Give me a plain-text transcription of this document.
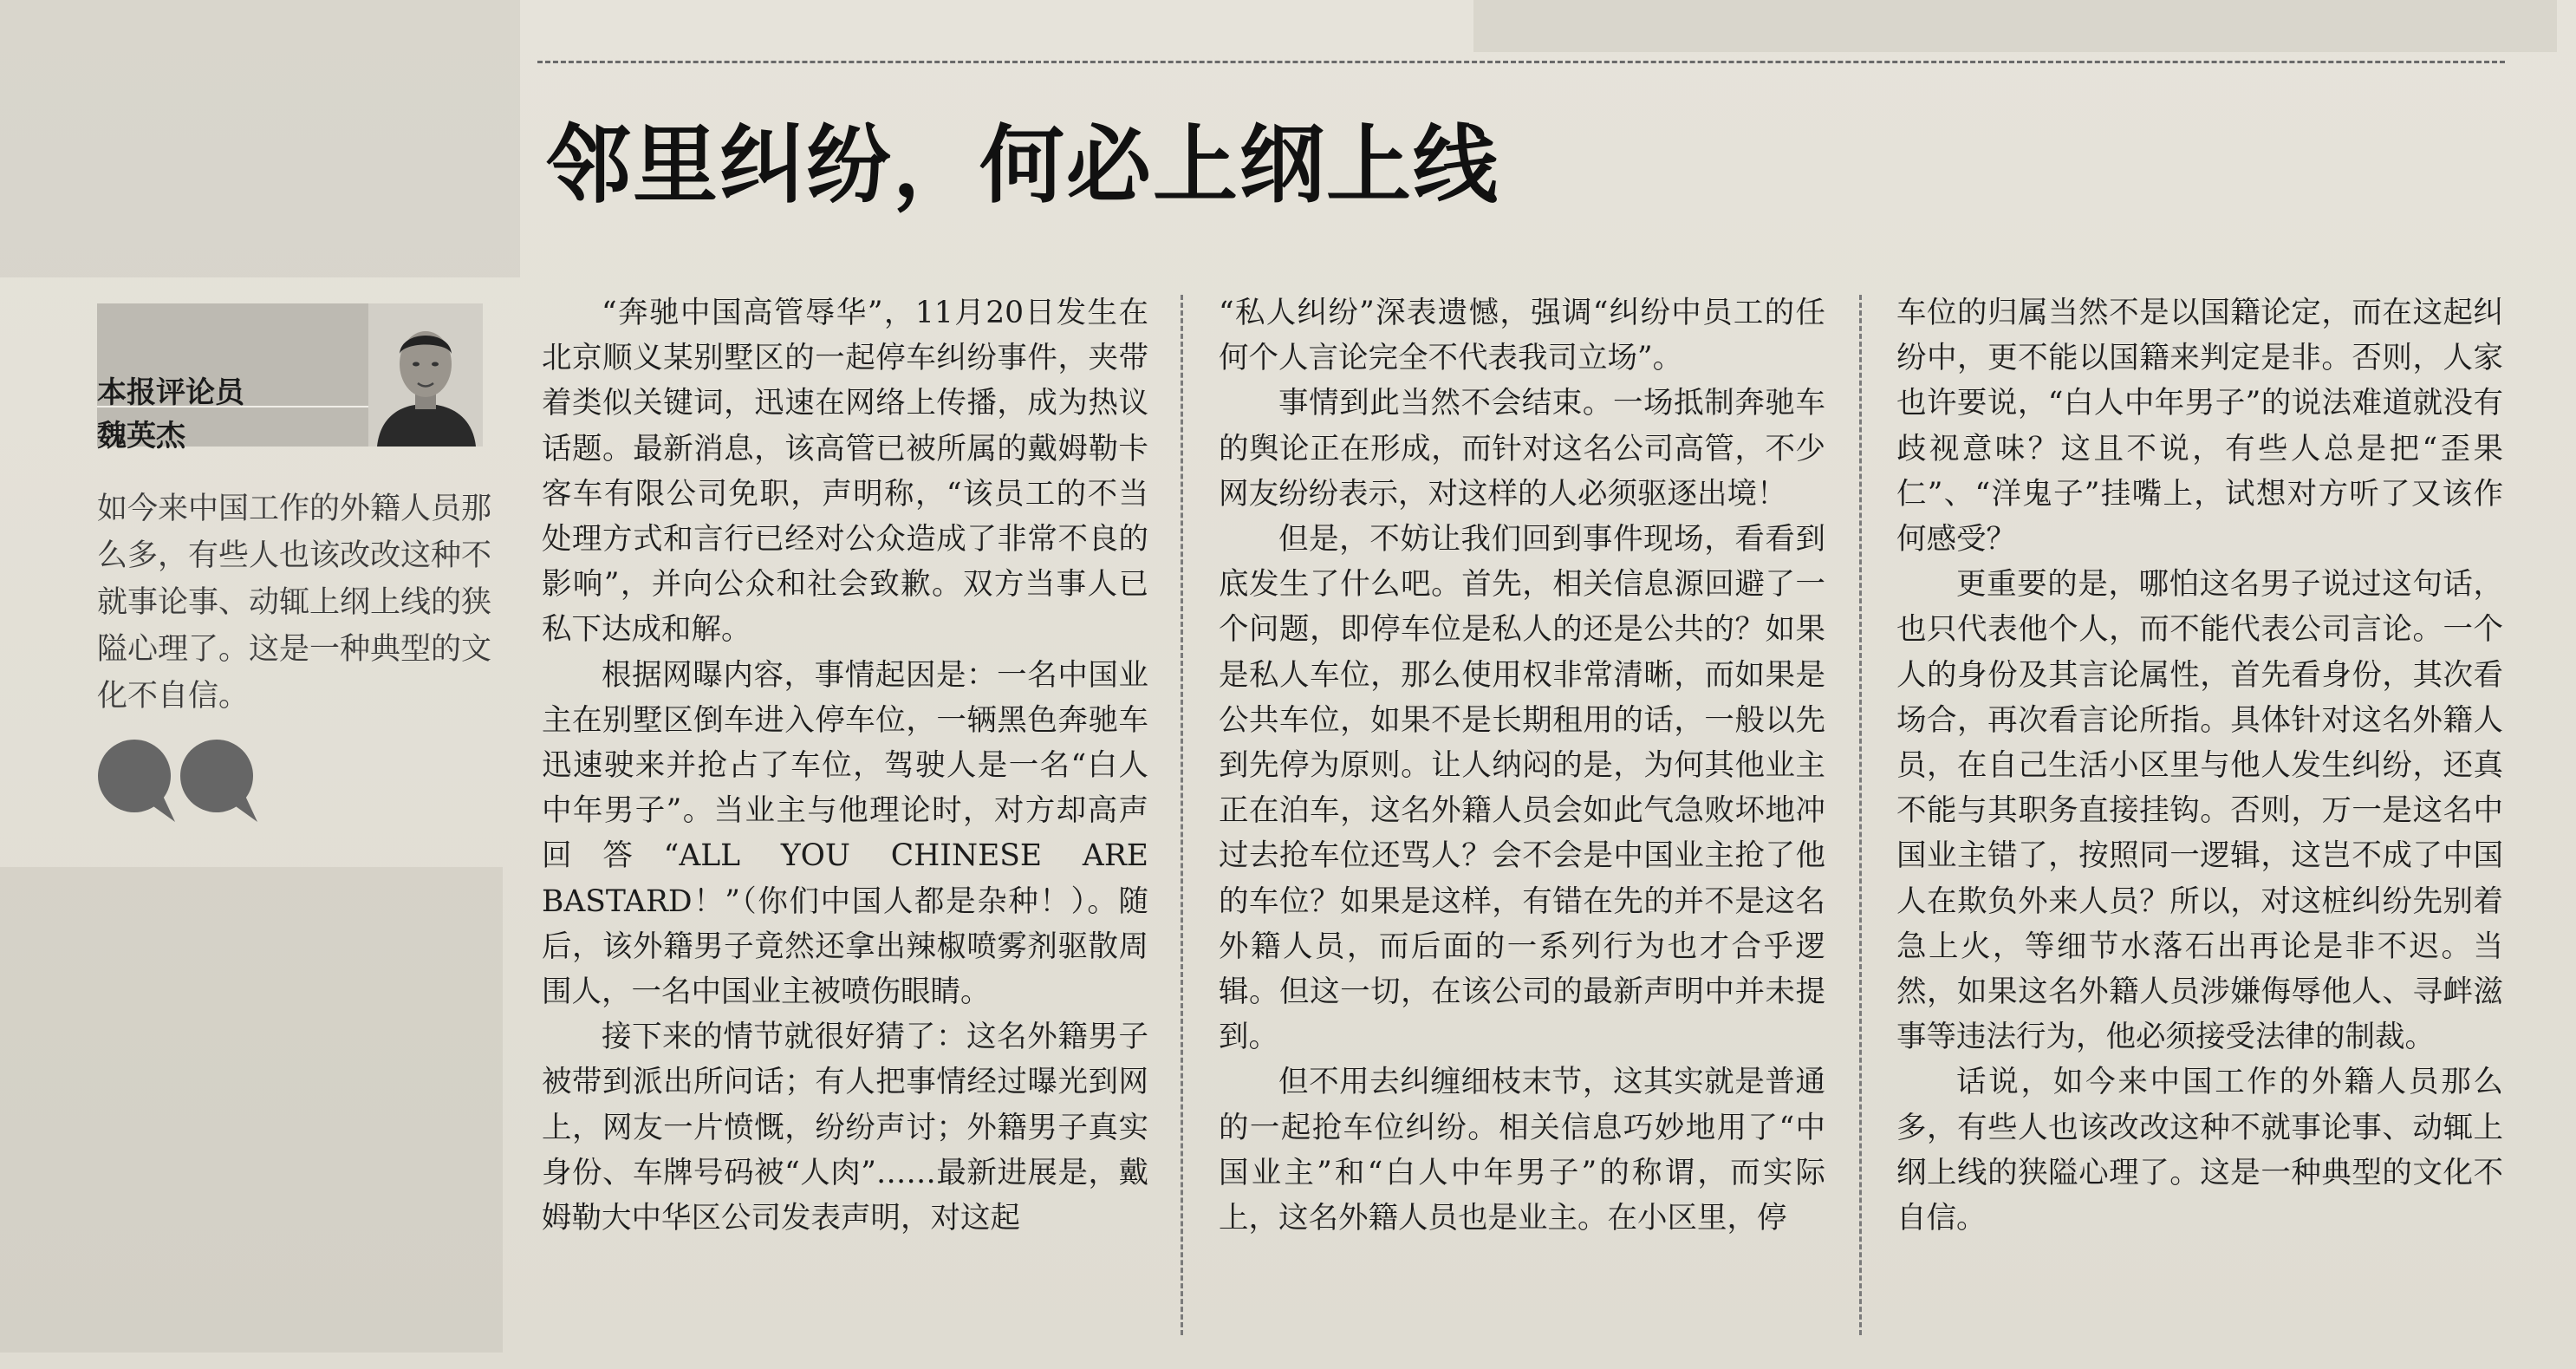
邻里纠纷，何必上纲上线
本报评论员
魏英杰
如今来中国工作的外籍人员那么多，有些人也该改改这种不就事论事、动辄上纲上线的狭隘心理了。这是一种典型的文化不自信。

“奔驰中国高管辱华”，11月20日发生在北京顺义某别墅区的一起停车纠纷事件，夹带着类似关键词，迅速在网络上传播，成为热议话题。最新消息，该高管已被所属的戴姆勒卡客车有限公司免职，声明称，“该员工的不当处理方式和言行已经对公众造成了非常不良的影响”，并向公众和社会致歉。双方当事人已私下达成和解。

根据网曝内容，事情起因是：一名中国业主在别墅区倒车进入停车位，一辆黑色奔驰车迅速驶来并抢占了车位，驾驶人是一名“白人中年男子”。当业主与他理论时，对方却高声回答“ALL YOU CHINESE ARE BASTARD！”（你们中国人都是杂种！）。随后，该外籍男子竟然还拿出辣椒喷雾剂驱散周围人，一名中国业主被喷伤眼睛。

接下来的情节就很好猜了：这名外籍男子被带到派出所问话；有人把事情经过曝光到网上，网友一片愤慨，纷纷声讨；外籍男子真实身份、车牌号码被“人肉”……最新进展是，戴姆勒大中华区公司发表声明，对这起

“私人纠纷”深表遗憾，强调“纠纷中员工的任何个人言论完全不代表我司立场”。

事情到此当然不会结束。一场抵制奔驰车的舆论正在形成，而针对这名公司高管，不少网友纷纷表示，对这样的人必须驱逐出境！

但是，不妨让我们回到事件现场，看看到底发生了什么吧。首先，相关信息源回避了一个问题，即停车位是私人的还是公共的？如果是私人车位，那么使用权非常清晰，而如果是公共车位，如果不是长期租用的话，一般以先到先停为原则。让人纳闷的是，为何其他业主正在泊车，这名外籍人员会如此气急败坏地冲过去抢车位还骂人？会不会是中国业主抢了他的车位？如果是这样，有错在先的并不是这名外籍人员，而后面的一系列行为也才合乎逻辑。但这一切，在该公司的最新声明中并未提到。

但不用去纠缠细枝末节，这其实就是普通的一起抢车位纠纷。相关信息巧妙地用了“中国业主”和“白人中年男子”的称谓，而实际上，这名外籍人员也是业主。在小区里，停

车位的归属当然不是以国籍论定，而在这起纠纷中，更不能以国籍来判定是非。否则，人家也许要说，“白人中年男子”的说法难道就没有歧视意味？这且不说，有些人总是把“歪果仁”、“洋鬼子”挂嘴上，试想对方听了又该作何感受？

更重要的是，哪怕这名男子说过这句话，也只代表他个人，而不能代表公司言论。一个人的身份及其言论属性，首先看身份，其次看场合，再次看言论所指。具体针对这名外籍人员，在自己生活小区里与他人发生纠纷，还真不能与其职务直接挂钩。否则，万一是这名中国业主错了，按照同一逻辑，这岂不成了中国人在欺负外来人员？所以，对这桩纠纷先别着急上火，等细节水落石出再论是非不迟。当然，如果这名外籍人员涉嫌侮辱他人、寻衅滋事等违法行为，他必须接受法律的制裁。

话说，如今来中国工作的外籍人员那么多，有些人也该改改这种不就事论事、动辄上纲上线的狭隘心理了。这是一种典型的文化不自信。
